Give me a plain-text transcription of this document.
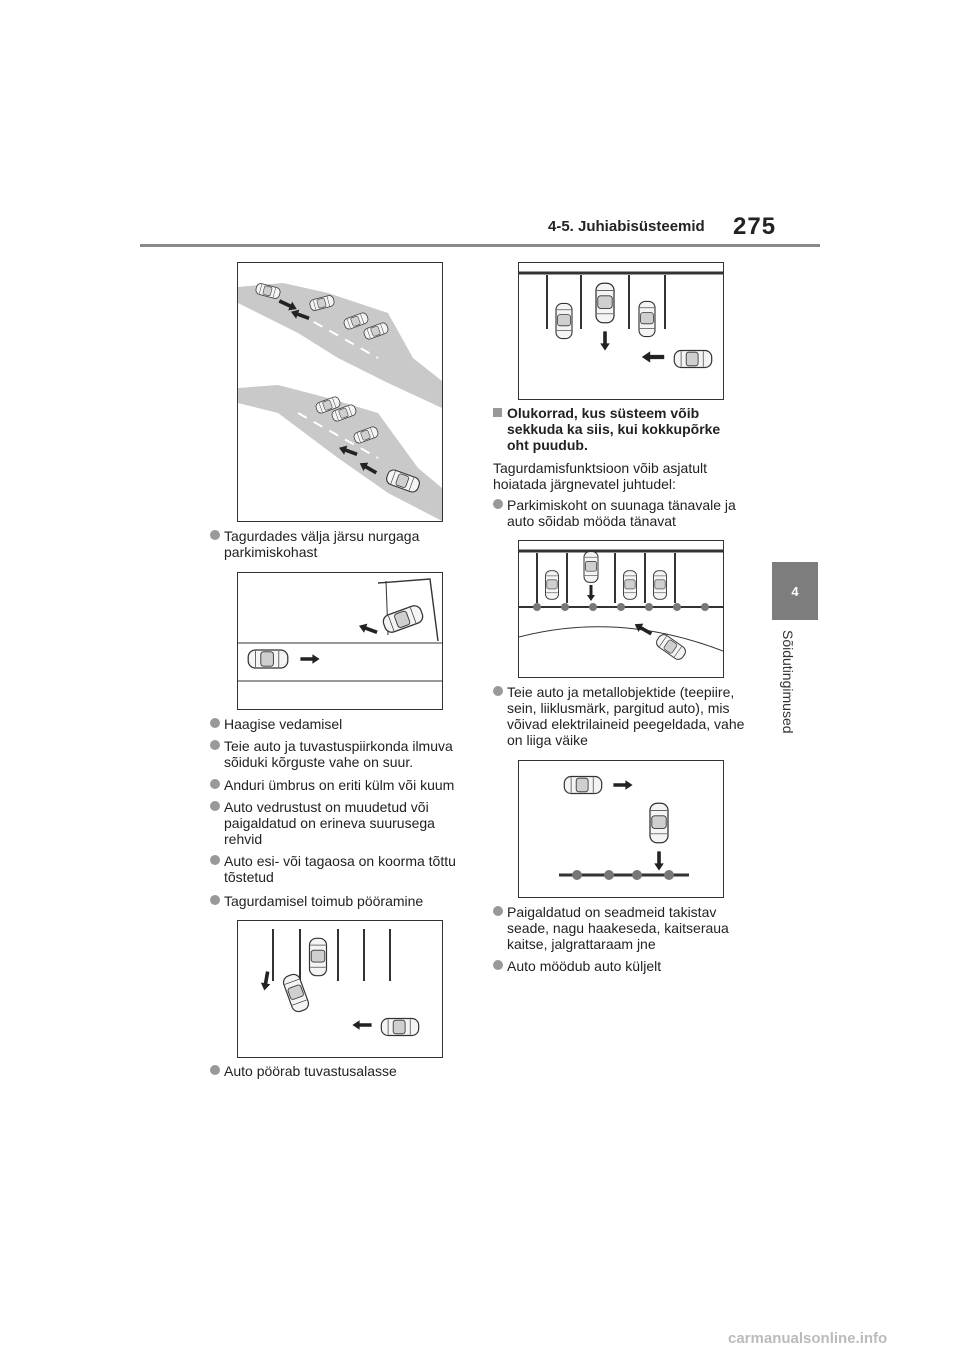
4-5. Juhiabisüsteemid 275
4
Sõidutingimused
Tagurdades välja järsu nurgaga
parkimiskohast
Haagise vedamisel
Teie auto ja tuvastuspiirkonda ilmuva
sõiduki kõrguste vahe on suur.
Anduri ümbrus on eriti külm või kuum
Auto vedrustust on muudetud või
paigaldatud on erineva suurusega
rehvid
Auto esi- või tagaosa on koorma tõttu
tõstetud
Tagurdamisel toimub pööramine
Auto pöörab tuvastusalasse
Olukorrad, kus süsteem võib
sekkuda ka siis, kui kokkupõrke
oht puudub.
Tagurdamisfunktsioon võib asjatult
hoiatada järgnevatel juhtudel:
Parkimiskoht on suunaga tänavale ja
auto sõidab mööda tänavat
Teie auto ja metallobjektide (teepiire,
sein, liiklusmärk, pargitud auto), mis
võivad elektrilaineid peegeldada, vahe
on liiga väike
Paigaldatud on seadmeid takistav
seade, nagu haakeseda, kaitseraua
kaitse, jalgrattaraam jne
Auto möödub auto küljelt
carmanualsonline.info
